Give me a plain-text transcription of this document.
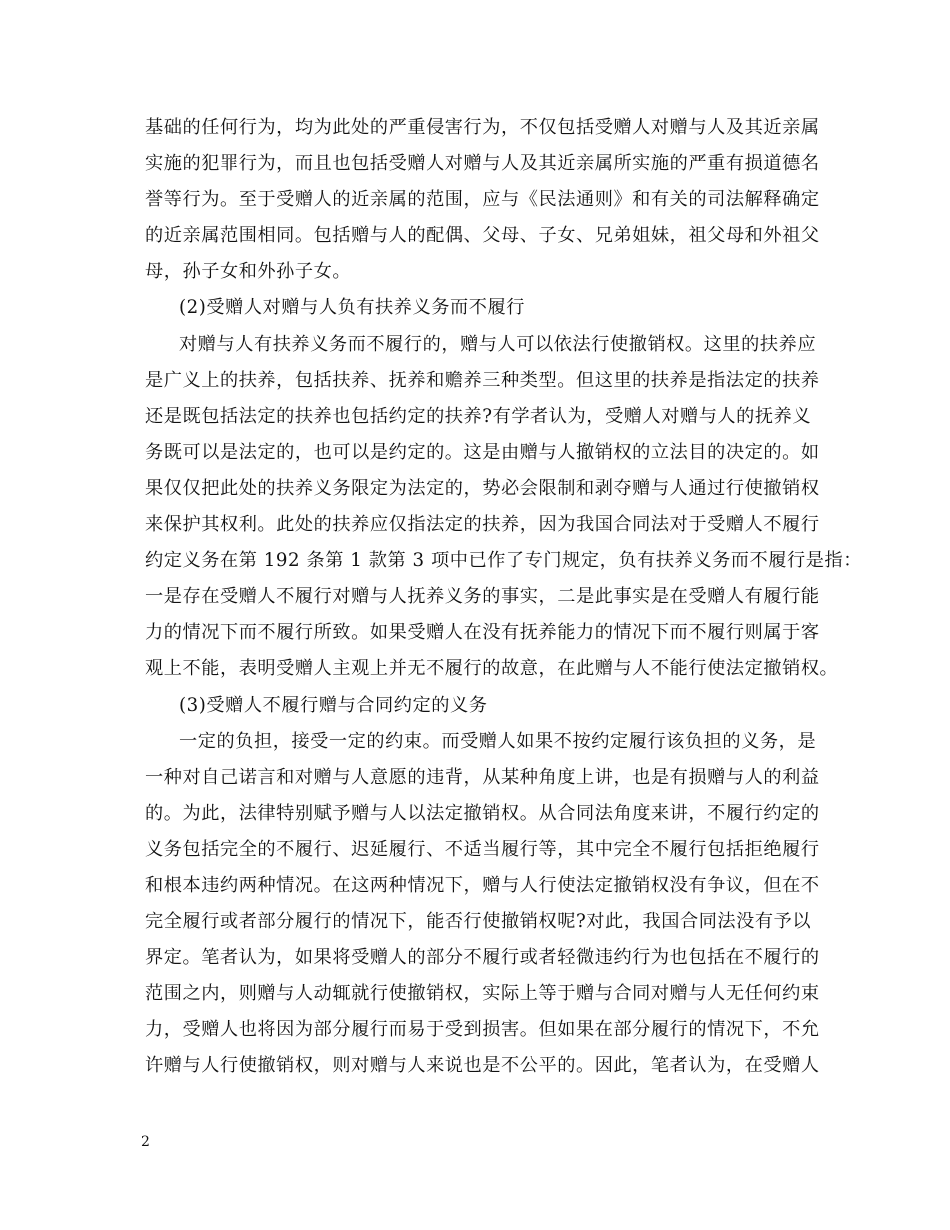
基础的任何行为，均为此处的严重侵害行为，不仅包括受赠人对赠与人及其近亲属
实施的犯罪行为，而且也包括受赠人对赠与人及其近亲属所实施的严重有损道德名
誉等行为。至于受赠人的近亲属的范围，应与《民法通则》和有关的司法解释确定
的近亲属范围相同。包括赠与人的配偶、父母、子女、兄弟姐妹，祖父母和外祖父
母，孙子女和外孙子女。
(2)受赠人对赠与人负有扶养义务而不履行
对赠与人有扶养义务而不履行的，赠与人可以依法行使撤销权。这里的扶养应
是广义上的扶养，包括扶养、抚养和赡养三种类型。但这里的扶养是指法定的扶养
还是既包括法定的扶养也包括约定的扶养?有学者认为，受赠人对赠与人的抚养义
务既可以是法定的，也可以是约定的。这是由赠与人撤销权的立法目的决定的。如
果仅仅把此处的扶养义务限定为法定的，势必会限制和剥夺赠与人通过行使撤销权
来保护其权利。此处的扶养应仅指法定的扶养，因为我国合同法对于受赠人不履行
约定义务在第 192 条第 1 款第 3 项中已作了专门规定，负有扶养义务而不履行是指：
一是存在受赠人不履行对赠与人抚养义务的事实，二是此事实是在受赠人有履行能
力的情况下而不履行所致。如果受赠人在没有抚养能力的情况下而不履行则属于客
观上不能，表明受赠人主观上并无不履行的故意，在此赠与人不能行使法定撤销权。
(3)受赠人不履行赠与合同约定的义务
一定的负担，接受一定的约束。而受赠人如果不按约定履行该负担的义务，是
一种对自己诺言和对赠与人意愿的违背，从某种角度上讲，也是有损赠与人的利益
的。为此，法律特别赋予赠与人以法定撤销权。从合同法角度来讲，不履行约定的
义务包括完全的不履行、迟延履行、不适当履行等，其中完全不履行包括拒绝履行
和根本违约两种情况。在这两种情况下，赠与人行使法定撤销权没有争议，但在不
完全履行或者部分履行的情况下，能否行使撤销权呢?对此，我国合同法没有予以
界定。笔者认为，如果将受赠人的部分不履行或者轻微违约行为也包括在不履行的
范围之内，则赠与人动辄就行使撤销权，实际上等于赠与合同对赠与人无任何约束
力，受赠人也将因为部分履行而易于受到损害。但如果在部分履行的情况下，不允
许赠与人行使撤销权，则对赠与人来说也是不公平的。因此，笔者认为，在受赠人
2
